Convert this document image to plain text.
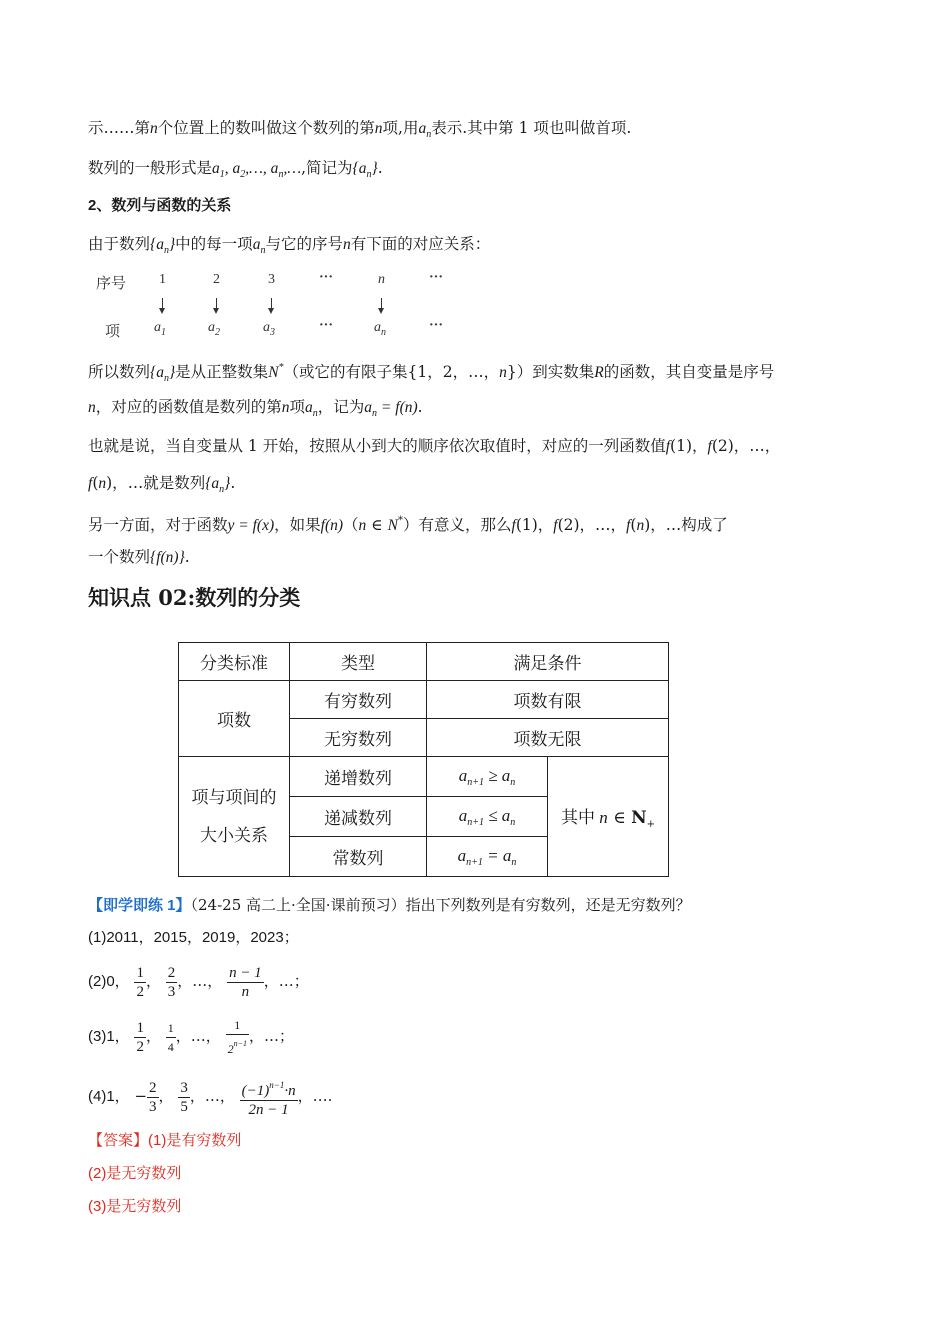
示……第n个位置上的数叫做这个数列的第n项,用$a_n$表示.其中第 1 项也叫做首项.
数列的一般形式是$a_1$, $a_2,\dots$, $a_n,\dots$,简记为$\{a_n\}$.
2、数列与函数的关系
由于数列$\{a_n\}$中的每一项$a_n$与它的序号n有下面的对应关系：
序号 1	2	3	···	n	···
项 $a_1$	$a_2$	$a_3$	···	$a_n$	···
所以数列$\{a_n\}$是从正整数集N*（或它的有限子集{1，2，…，n}）到实数集R的函数，其自变量是序号
n，对应的函数值是数列的第n项$a_n$，记为$a_n = f(n)$.
也就是说，当自变量从 1 开始，按照从小到大的顺序依次取值时，对应的一列函数值f(1)，f(2)，…，
f(n)，…就是数列$\{a_n\}$.
另一方面，对于函数y = f(x)，如果f(n)（n ∈ N*）有意义，那么f(1)，f(2)，…，f(n)，…构成了
一个数列{f(n)}.
知识点 02:数列的分类
分类标准	类型	满足条件	
项数	有穷数列	项数有限	
	无穷数列	项数无限	
项与项间的大小关系	递增数列	$a_{n+1} \ge a_n$	其中 n ∈ $N_+$
	递减数列	$a_{n+1} \le a_n$
	常数列	$a_{n+1} = a_n$
【即学即练 1】（24-25 高二上·全国·课前预习）指出下列数列是有穷数列，还是无穷数列？
(1)2011，2015，2019，2023；
(2)0， $\frac{1}{2}$ ， $\frac{2}{3}$ ，…， $\frac{n - 1}{n}$ ，…；
(3)1， $\frac{1}{2}$ ， $\frac{1}{4}$ ，…， $\frac{1}{2^{n-1}}$ ，…；
(4)1， − $\frac{2}{3}$ ， $\frac{3}{5}$ ，…， $\frac{(-1)^{n-1}\cdot n}{2n - 1}$ ，….
【答案】(1)是有穷数列
(2)是无穷数列
(3)是无穷数列
